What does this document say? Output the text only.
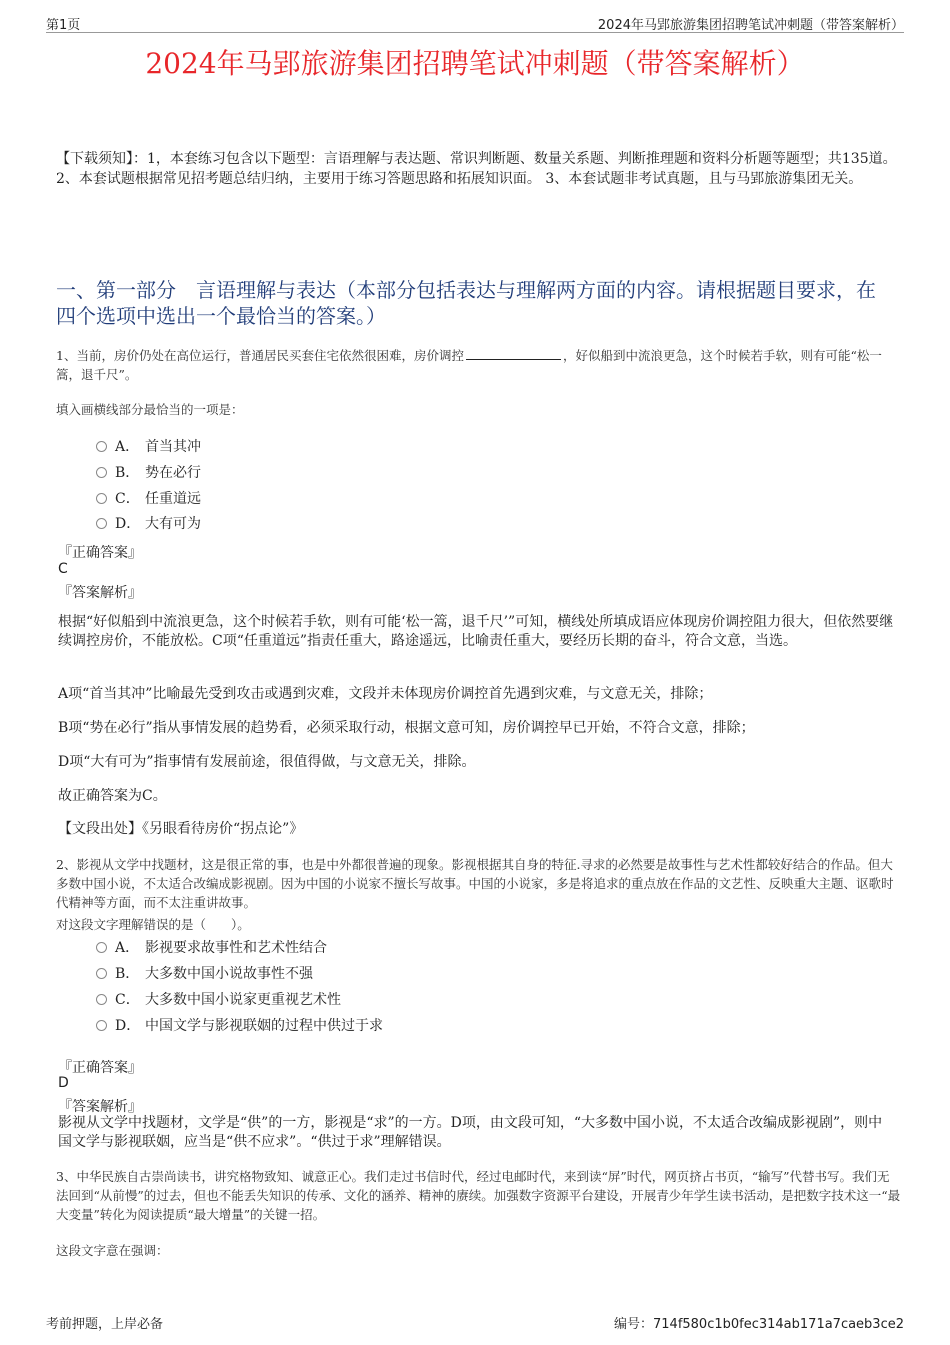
第1页	2024年马郢旅游集团招聘笔试冲刺题（带答案解析）
2024年马郢旅游集团招聘笔试冲刺题（带答案解析）
【下载须知】：1，本套练习包含以下题型：言语理解与表达题、常识判断题、数量关系题、判断推理题和资料分析题等题型；共135道。 2、本套试题根据常见招考题总结归纳，主要用于练习答题思路和拓展知识面。 3、本套试题非考试真题，且与马郢旅游集团无关。
一、第一部分　言语理解与表达（本部分包括表达与理解两方面的内容。请根据题目要求，在四个选项中选出一个最恰当的答案。）
1、当前，房价仍处在高位运行，普通居民买套住宅依然很困难，房价调控	，好似船到中流浪更急，这个时候若手软，则有可能“松一篙，退千尺”。
填入画横线部分最恰当的一项是：
A． 首当其冲
B． 势在必行
C． 任重道远
D． 大有可为
『正确答案』
C
『答案解析』
根据“好似船到中流浪更急，这个时候若手软，则有可能‘松一篙，退千尺’”可知，横线处所填成语应体现房价调控阻力很大，但依然要继续调控房价，不能放松。C项“任重道远”指责任重大，路途遥远，比喻责任重大，要经历长期的奋斗，符合文意，当选。
A项“首当其冲”比喻最先受到攻击或遇到灾难，文段并未体现房价调控首先遇到灾难，与文意无关，排除；
B项“势在必行”指从事情发展的趋势看，必须采取行动，根据文意可知，房价调控早已开始，不符合文意，排除；
D项“大有可为”指事情有发展前途，很值得做，与文意无关，排除。
故正确答案为C。
【文段出处】《另眼看待房价“拐点论”》
2、影视从文学中找题材，这是很正常的事，也是中外都很普遍的现象。影视根据其自身的特征.寻求的必然要是故事性与艺术性都较好结合的作品。但大多数中国小说，不太适合改编成影视剧。因为中国的小说家不擅长写故事。中国的小说家，多是将追求的重点放在作品的文艺性、反映重大主题、讴歌时代精神等方面，而不太注重讲故事。
对这段文字理解错误的是（　　）。
A． 影视要求故事性和艺术性结合
B． 大多数中国小说故事性不强
C． 大多数中国小说家更重视艺术性
D． 中国文学与影视联姻的过程中供过于求
『正确答案』
D
『答案解析』
影视从文学中找题材，文学是“供”的一方，影视是“求”的一方。D项，由文段可知，“大多数中国小说，不太适合改编成影视剧”，则中国文学与影视联姻，应当是“供不应求”。“供过于求”理解错误。
3、中华民族自古崇尚读书，讲究格物致知、诚意正心。我们走过书信时代，经过电邮时代，来到读“屏”时代，网页挤占书页，“输写”代替书写。我们无法回到“从前慢”的过去，但也不能丢失知识的传承、文化的涵养、精神的赓续。加强数字资源平台建设，开展青少年学生读书活动，是把数字技术这一“最大变量”转化为阅读提质“最大增量”的关键一招。
这段文字意在强调：
考前押题，上岸必备	编号：714f580c1b0fec314ab171a7caeb3ce2
